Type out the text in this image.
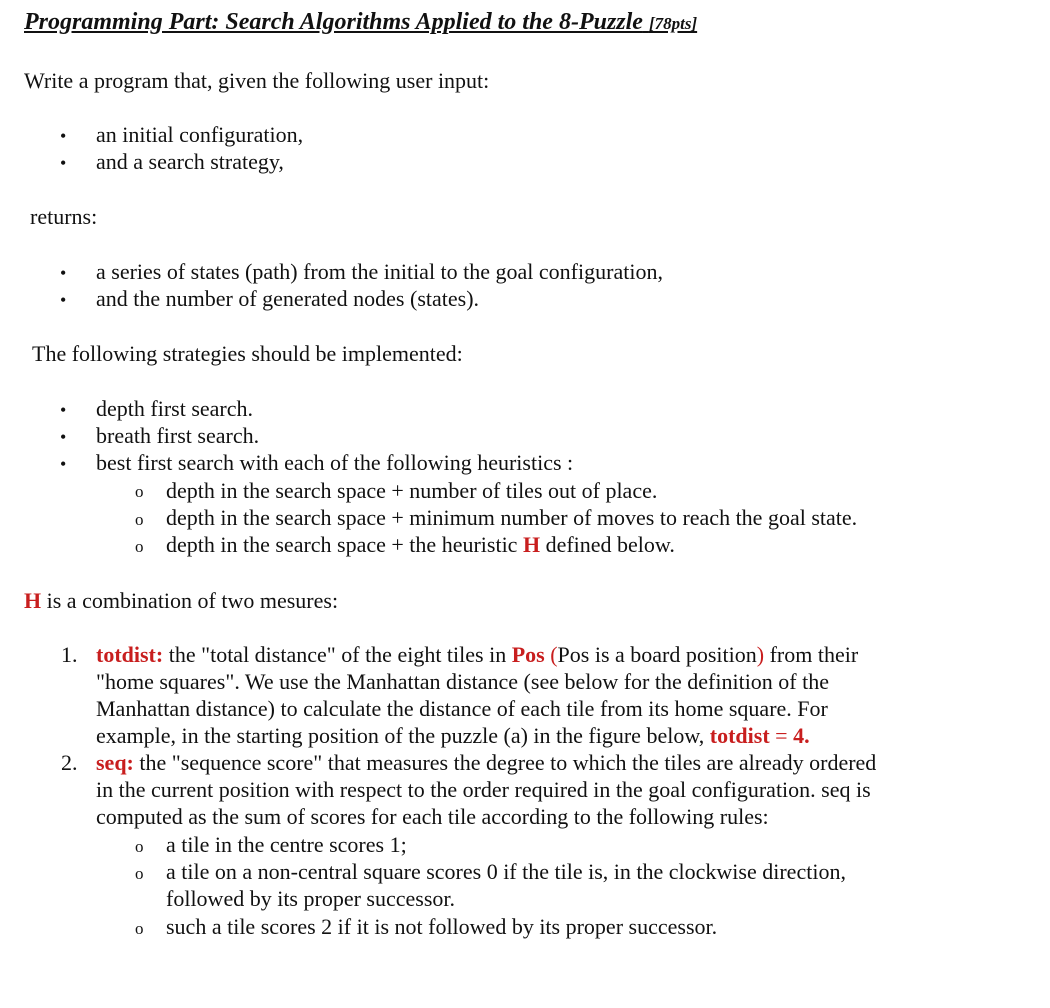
Programming Part: Search Algorithms Applied to the 8-Puzzle [78pts]
Write a program that, given the following user input:
• an initial configuration,
• and a search strategy,
returns:
• a series of states (path) from the initial to the goal configuration,
• and the number of generated nodes (states).
The following strategies should be implemented:
• depth first search.
• breath first search.
• best first search with each of the following heuristics :
o depth in the search space + number of tiles out of place.
o depth in the search space + minimum number of moves to reach the goal state.
o depth in the search space + the heuristic H defined below.
H is a combination of two mesures:
1. totdist: the "total distance" of the eight tiles in Pos (Pos is a board position) from their
"home squares". We use the Manhattan distance (see below for the definition of the
Manhattan distance) to calculate the distance of each tile from its home square. For
example, in the starting position of the puzzle (a) in the figure below, totdist = 4.
2. seq: the "sequence score" that measures the degree to which the tiles are already ordered
in the current position with respect to the order required in the goal configuration. seq is
computed as the sum of scores for each tile according to the following rules:
o a tile in the centre scores 1;
o a tile on a non-central square scores 0 if the tile is, in the clockwise direction,
followed by its proper successor.
o such a tile scores 2 if it is not followed by its proper successor.
